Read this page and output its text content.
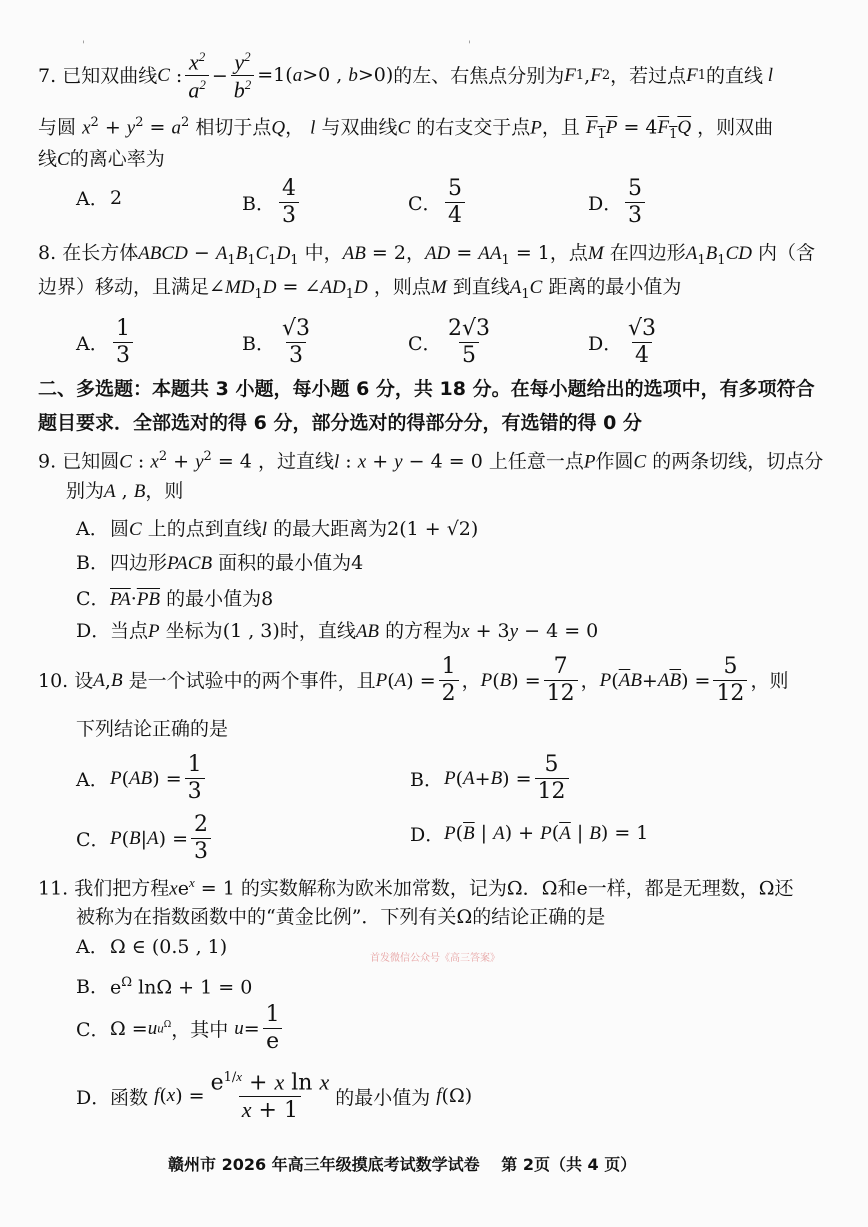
'	'
7.
已知双曲线 C : $\frac{x^2}{a^2} - \frac{y^2}{b^2} =1(a>0$ , b>0) 的左、右焦点分别为 F 1 , F 2 ，若过点 F 1 的直线 l
与圆 $x^2 + y^2 = a^2$ 相切于点Q， l 与双曲线C 的右支交于点P，且 $F_1P = 4F_1Q$ ，则双曲
线C的离心率为
A． 2	B． $\frac{4}{3}$	C． $\frac{5}{4}$	D． $\frac{5}{3}$
8. 在长方体ABCD − $A_1B_1C_1D_1$ 中，AB = 2，AD = $AA_1 = 1$，点M 在四边形$A_1B_1CD$ 内（含
边界）移动，且满足$\angle MD_1D$ = $\angle AD_1D$ ，则点M 到直线$A_1C$ 距离的最小值为
A． $\frac{1}{3}$	B． $\frac{√3}{3}$	C． $\frac{2√3}{5}$	D． $\frac{√3}{4}$
二、多选题：本题共 3 小题，每小题 6 分，共 18 分。在每小题给出的选项中，有多项符合
题目要求．全部选对的得 6 分，部分选对的得部分分，有选错的得 0 分
9. 已知圆C : $x^2 + y^2 = 4$ ，过直线l : x + y − 4 = 0 上任意一点P作圆C 的两条切线，切点分
别为A , B，则
A．圆C 上的点到直线l 的最大距离为2(1 + √2)
B．四边形PACB 面积的最小值为4
C．$\overline{PA}\cdot\overline{PB}$ 的最小值为8
D．当点P 坐标为(1 , 3)时，直线AB 的方程为x + 3y − 4 = 0
10.
设 A , B
是一个试验中的两个事件，且 P ( A ) = $\frac{1}{2}$ ， P ( B ) = $\frac{7}{12}$ ， P ( $\overline{A}$ B + A $\overline{B}$ ) = $\frac{5}{12}$ ，则
下列结论正确的是
A． P ( AB ) = $\frac{1}{3}$	B． P ( A + B ) = $\frac{5}{12}$
C． P ( B | A ) = $\frac{2}{3}$	D． $P(\overline{B}$ | $A) + P(\overline{A}$ | B) = 1
11. 我们把方程$xe^x = 1$ 的实数解称为欧米加常数，记为Ω．Ω和e一样，都是无理数，Ω还
被称为在指数函数中的“黄金比例”．下列有关Ω的结论正确的是
A．Ω ∈ (0.5 , 1)
首发微信公众号《高三答案》
B．$e^\Omega$ lnΩ + 1 = 0
C． Ω = u $u^\Omega$ ，其中
$u = \frac{1}{e}$
D． 函数
f ( x ) = $\frac{e^{1/x} + x \ln x}{x + 1}$ 的最小值为
f (Ω)
赣州市 2026 年高三年级摸底考试数学试卷　 第 2页（共 4 页）
